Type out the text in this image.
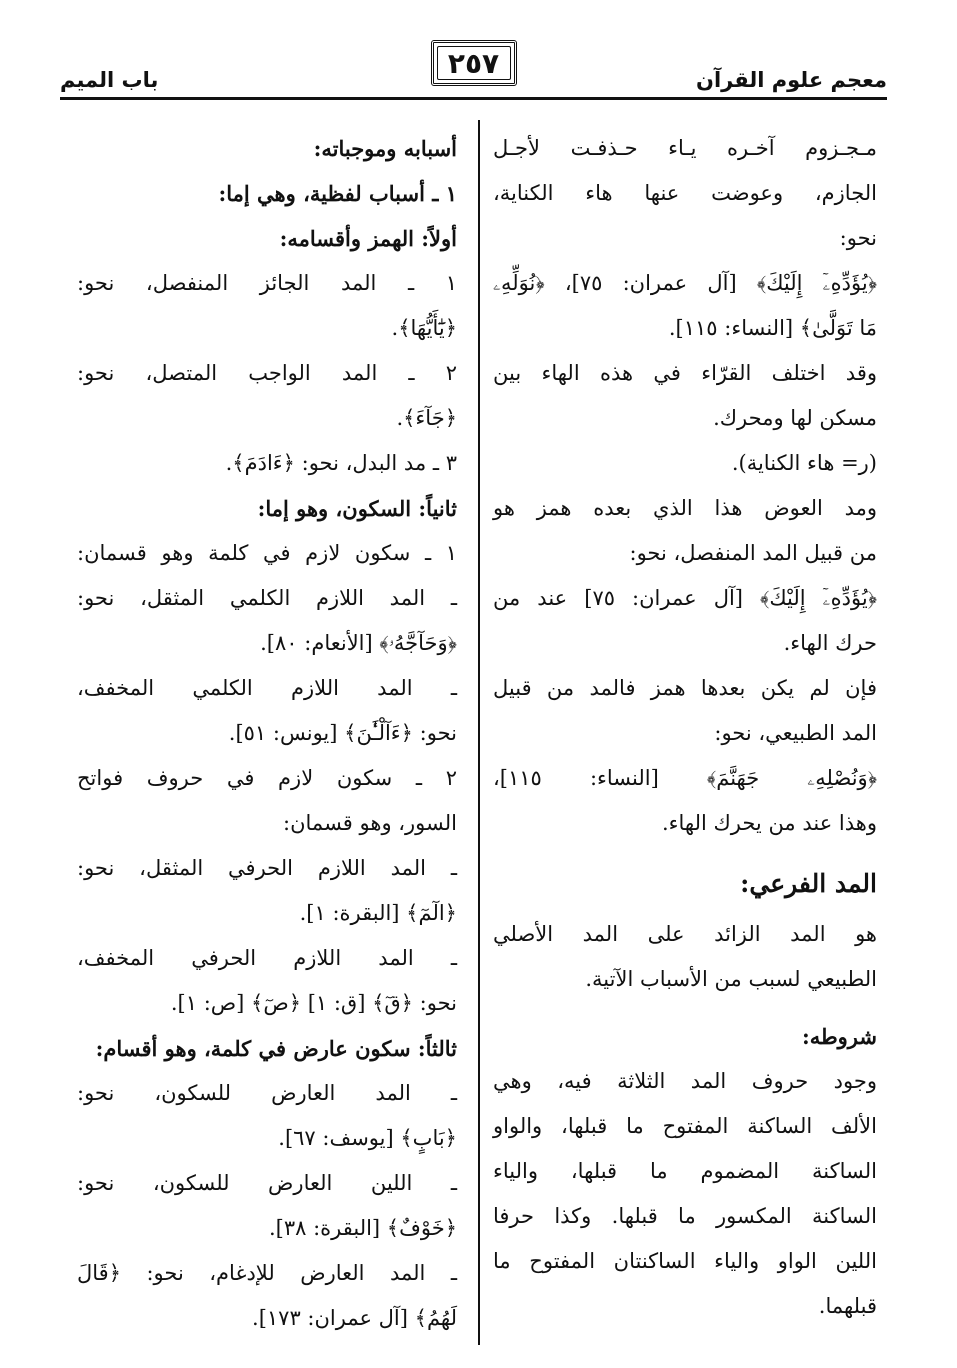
معجم علوم القرآن
٢٥٧
باب الميم
مـجـزوم آخـره يـاء حـذفـت لأجـل
الجازم، وعوضت عنها هاء الكناية،
نحو:
﴿يُؤَدِّهِۦٓ إِلَيْكَ﴾ [آل عمران: ٧٥]، ﴿نُوَلِّهِۦ
مَا تَوَلَّىٰ﴾ [النساء: ١١٥].
وقد اختلف القرّاء في هذه الهاء بين
مسكن لها ومحرك.
(ر= هاء الكناية).
ومد العوض هذا الذي بعده همز هو
من قبيل المد المنفصل، نحو:
﴿يُؤَدِّهِۦٓ إِلَيْكَ﴾ [آل عمران: ٧٥] عند من
حرك الهاء.
فإن لم يكن بعدها همز فالمد من قبيل
المد الطبيعي، نحو:
﴿وَنُصْلِهِۦ جَهَنَّمَ﴾ [النساء: ١١٥]،
وهذا عند من يحرك الهاء.
المد الفرعي:
هو المد الزائد على المد الأصلي
الطبيعي لسبب من الأسباب الآتية.
شروطه:
وجود حروف المد الثلاثة فيه، وهي
الألف الساكنة المفتوح ما قبلها، والواو
الساكنة المضموم ما قبلها، والياء
الساكنة المكسور ما قبلها. وكذا حرفا
اللين الواو والياء الساكنتان المفتوح ما
قبلهما.
أسبابه وموجباته:
١ ـ أسباب لفظية، وهي إما:
أولاً: الهمز وأقسامه:
١ ـ المد الجائز المنفصل، نحو:
﴿يَٰٓأَيُّهَا﴾.
٢ ـ المد الواجب المتصل، نحو:
﴿جَآءَ﴾.
٣ ـ مد البدل، نحو: ﴿ءَادَمَ﴾.
ثانياً: السكون، وهو إما:
١ ـ سكون لازم في كلمة وهو قسمان:
ـ المد اللازم الكلمي المثقل، نحو:
﴿وَحَآجَّهُۥ﴾ [الأنعام: ٨٠].
ـ المد اللازم الكلمي المخفف،
نحو: ﴿ءَآلْـَٰٔنَ﴾ [يونس: ٥١].
٢ ـ سكون لازم في حروف فواتح
السور، وهو قسمان:
ـ المد اللازم الحرفي المثقل، نحو:
﴿الٓمٓ﴾ [البقرة: ١].
ـ المد اللازم الحرفي المخفف،
نحو: ﴿قٓ﴾ [ق: ١] ﴿صٓ﴾ [ص: ١].
ثالثاً: سكون عارض في كلمة، وهو أقسام:
ـ المد العارض للسكون، نحو:
﴿بَابٍ﴾ [يوسف: ٦٧].
ـ اللين العارض للسكون، نحو:
﴿خَوْفٌ﴾ [البقرة: ٣٨].
ـ المد العارض للإدغام، نحو: ﴿قَالَ
لَهُمُ﴾ [آل عمران: ١٧٣].
